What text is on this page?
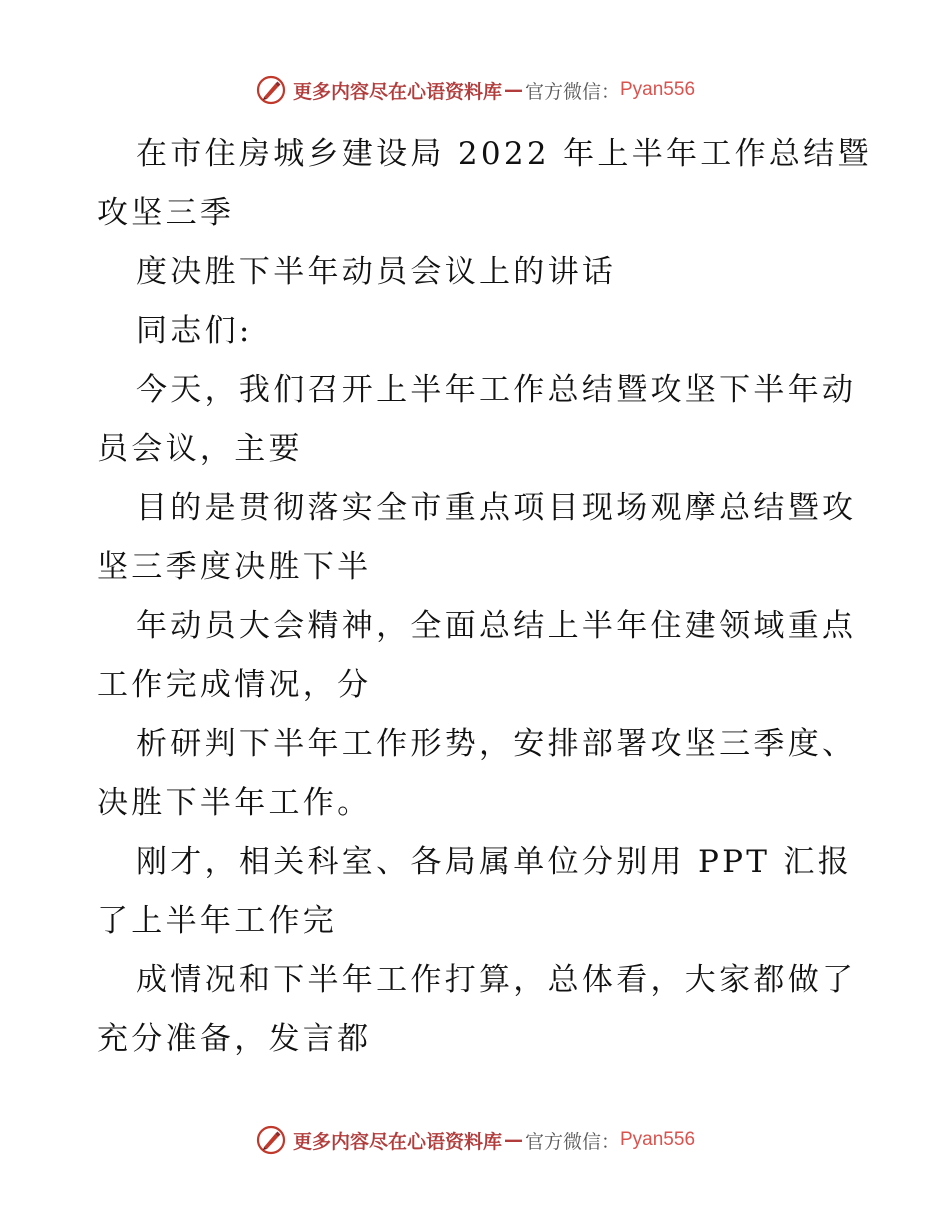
更多内容尽在心语资料库 — 官方微信： Pyan556
在市住房城乡建设局 2022 年上半年工作总结暨
攻坚三季
度决胜下半年动员会议上的讲话
同志们:
今天，我们召开上半年工作总结暨攻坚下半年动
员会议，主要
目的是贯彻落实全市重点项目现场观摩总结暨攻
坚三季度决胜下半
年动员大会精神，全面总结上半年住建领域重点
工作完成情况，分
析研判下半年工作形势，安排部署攻坚三季度、
决胜下半年工作。
刚才，相关科室、各局属单位分别用 PPT 汇报
了上半年工作完
成情况和下半年工作打算，总体看，大家都做了
充分准备，发言都
更多内容尽在心语资料库 — 官方微信： Pyan556
